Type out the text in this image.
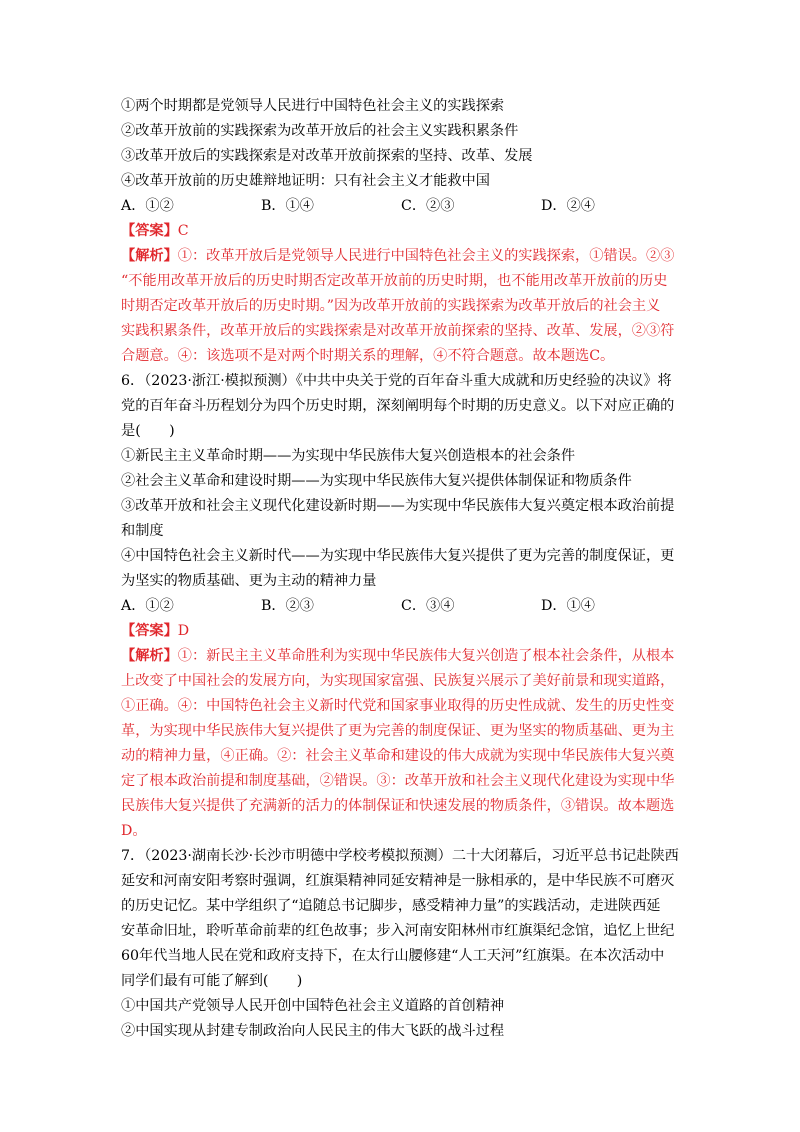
①两个时期都是党领导人民进行中国特色社会主义的实践探索
②改革开放前的实践探索为改革开放后的社会主义实践积累条件
③改革开放后的实践探索是对改革开放前探索的坚持、改革、发展
④改革开放前的历史雄辩地证明：只有社会主义才能救中国
A．①②	B．①④	C．②③	D．②④
【答案】C
【解析】①：改革开放后是党领导人民进行中国特色社会主义的实践探索，①错误。②③
“不能用改革开放后的历史时期否定改革开放前的历史时期，也不能用改革开放前的历史
时期否定改革开放后的历史时期。”因为改革开放前的实践探索为改革开放后的社会主义
实践积累条件，改革开放后的实践探索是对改革开放前探索的坚持、改革、发展，②③符
合题意。④：该选项不是对两个时期关系的理解，④不符合题意。故本题选C。
6．（2023·浙江·模拟预测）《中共中央关于党的百年奋斗重大成就和历史经验的决议》将
党的百年奋斗历程划分为四个历史时期，深刻阐明每个时期的历史意义。以下对应正确的
是(　　)
①新民主主义革命时期——为实现中华民族伟大复兴创造根本的社会条件
②社会主义革命和建设时期——为实现中华民族伟大复兴提供体制保证和物质条件
③改革开放和社会主义现代化建设新时期——为实现中华民族伟大复兴奠定根本政治前提
和制度
④中国特色社会主义新时代——为实现中华民族伟大复兴提供了更为完善的制度保证，更
为坚实的物质基础、更为主动的精神力量
A．①②	B．②③	C．③④	D．①④
【答案】D
【解析】①：新民主主义革命胜利为实现中华民族伟大复兴创造了根本社会条件，从根本
上改变了中国社会的发展方向，为实现国家富强、民族复兴展示了美好前景和现实道路，
①正确。④：中国特色社会主义新时代党和国家事业取得的历史性成就、发生的历史性变
革，为实现中华民族伟大复兴提供了更为完善的制度保证、更为坚实的物质基础、更为主
动的精神力量，④正确。②：社会主义革命和建设的伟大成就为实现中华民族伟大复兴奠
定了根本政治前提和制度基础，②错误。③：改革开放和社会主义现代化建设为实现中华
民族伟大复兴提供了充满新的活力的体制保证和快速发展的物质条件，③错误。故本题选
D。
7．（2023·湖南长沙·长沙市明德中学校考模拟预测）二十大闭幕后，习近平总书记赴陕西
延安和河南安阳考察时强调，红旗渠精神同延安精神是一脉相承的，是中华民族不可磨灭
的历史记忆。某中学组织了“追随总书记脚步，感受精神力量”的实践活动，走进陕西延
安革命旧址，聆听革命前辈的红色故事；步入河南安阳林州市红旗渠纪念馆，追忆上世纪
60年代当地人民在党和政府支持下，在太行山腰修建“人工天河”红旗渠。在本次活动中
同学们最有可能了解到(　　)
①中国共产党领导人民开创中国特色社会主义道路的首创精神
②中国实现从封建专制政治向人民民主的伟大飞跃的战斗过程
